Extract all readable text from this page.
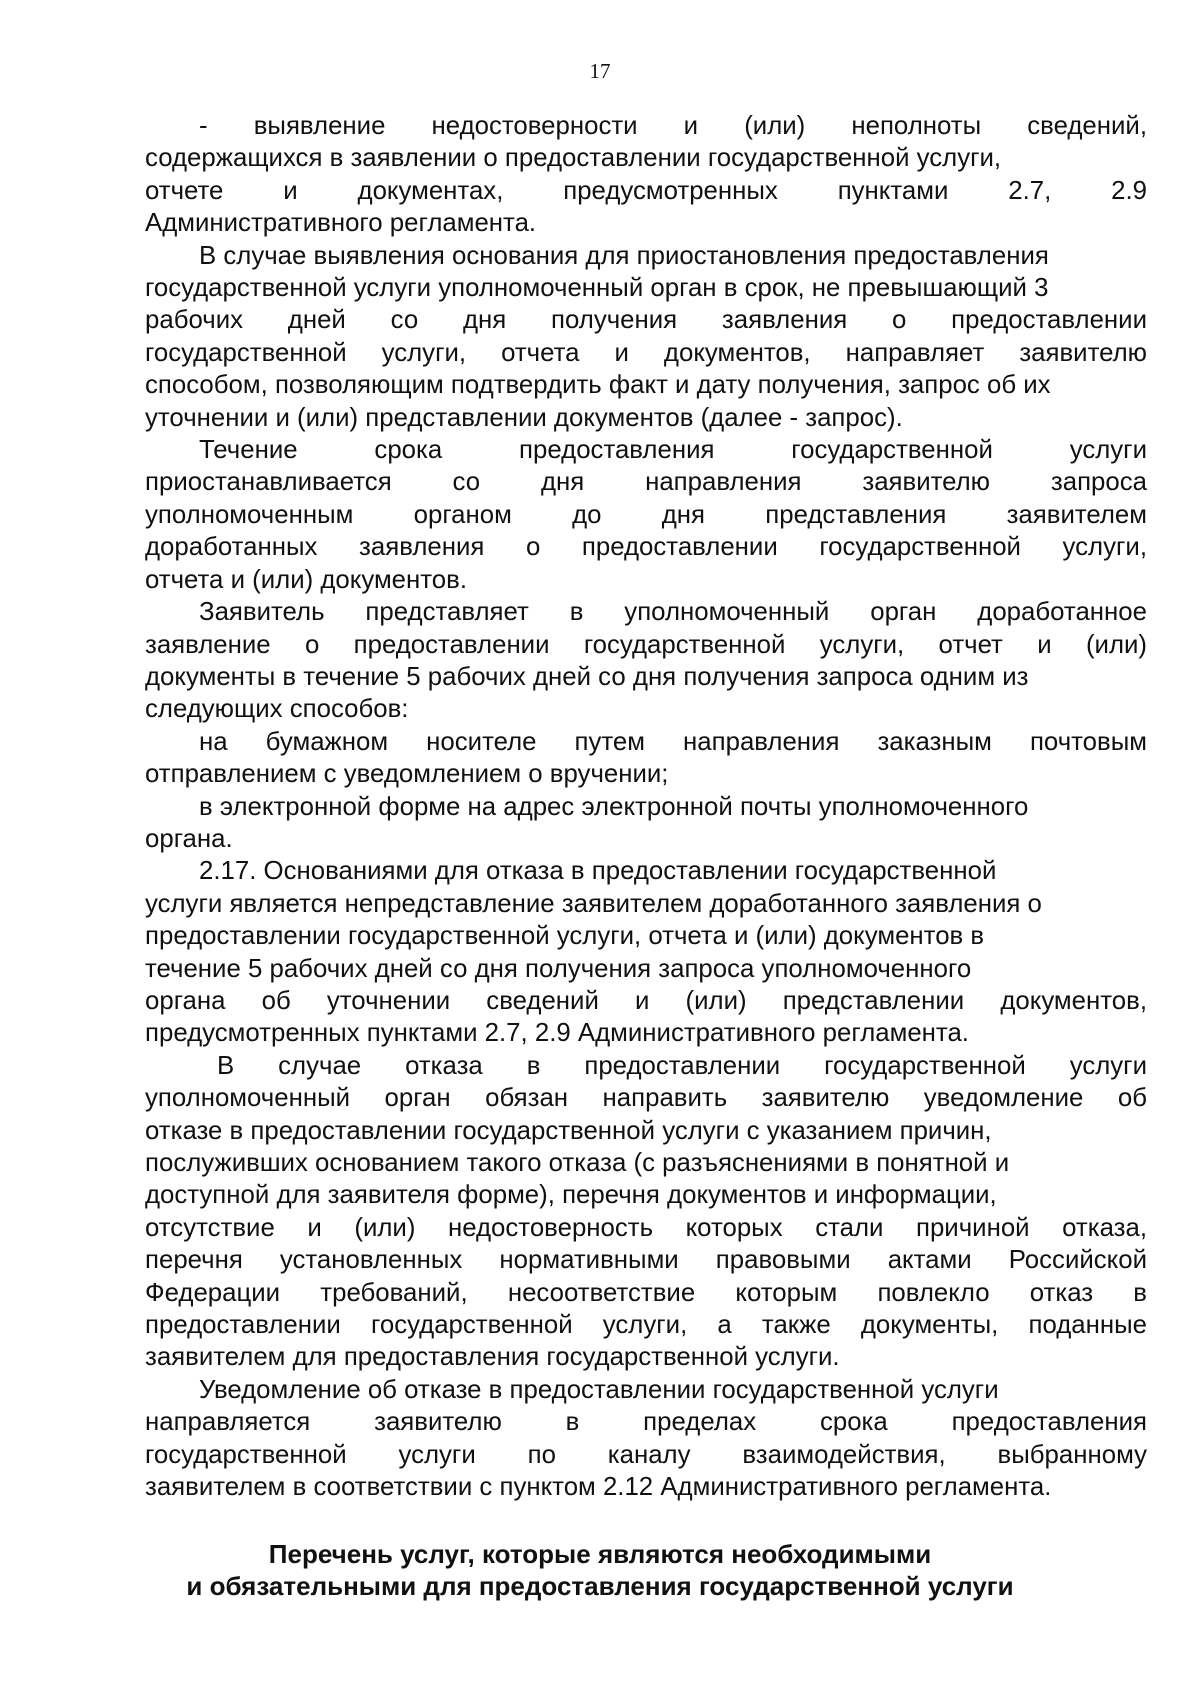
17
- выявление недостоверности и (или) неполноты сведений,
содержащихся в заявлении о предоставлении государственной услуги,
отчете и документах, предусмотренных пунктами 2.7, 2.9
Административного регламента.
В случае выявления основания для приостановления предоставления
государственной услуги уполномоченный орган в срок, не превышающий 3
рабочих дней со дня получения заявления о предоставлении
государственной услуги, отчета и документов, направляет заявителю
способом, позволяющим подтвердить факт и дату получения, запрос об их
уточнении и (или) представлении документов (далее - запрос).
Течение срока предоставления государственной услуги
приостанавливается со дня направления заявителю запроса
уполномоченным органом до дня представления заявителем
доработанных заявления о предоставлении государственной услуги,
отчета и (или) документов.
Заявитель представляет в уполномоченный орган доработанное
заявление о предоставлении государственной услуги, отчет и (или)
документы в течение 5 рабочих дней со дня получения запроса одним из
следующих способов:
на бумажном носителе путем направления заказным почтовым
отправлением с уведомлением о вручении;
в электронной форме на адрес электронной почты уполномоченного
органа.
2.17. Основаниями для отказа в предоставлении государственной
услуги является непредставление заявителем доработанного заявления о
предоставлении государственной услуги, отчета и (или) документов в
течение 5 рабочих дней со дня получения запроса уполномоченного
органа об уточнении сведений и (или) представлении документов,
предусмотренных пунктами 2.7, 2.9 Административного регламента.
В случае отказа в предоставлении государственной услуги
уполномоченный орган обязан направить заявителю уведомление об
отказе в предоставлении государственной услуги с указанием причин,
послуживших основанием такого отказа (с разъяснениями в понятной и
доступной для заявителя форме), перечня документов и информации,
отсутствие и (или) недостоверность которых стали причиной отказа,
перечня установленных нормативными правовыми актами Российской
Федерации требований, несоответствие которым повлекло отказ в
предоставлении государственной услуги, а также документы, поданные
заявителем для предоставления государственной услуги.
Уведомление об отказе в предоставлении государственной услуги
направляется заявителю в пределах срока предоставления
государственной услуги по каналу взаимодействия, выбранному
заявителем в соответствии с пунктом 2.12 Административного регламента.
Перечень услуг, которые являются необходимыми
и обязательными для предоставления государственной услуги
